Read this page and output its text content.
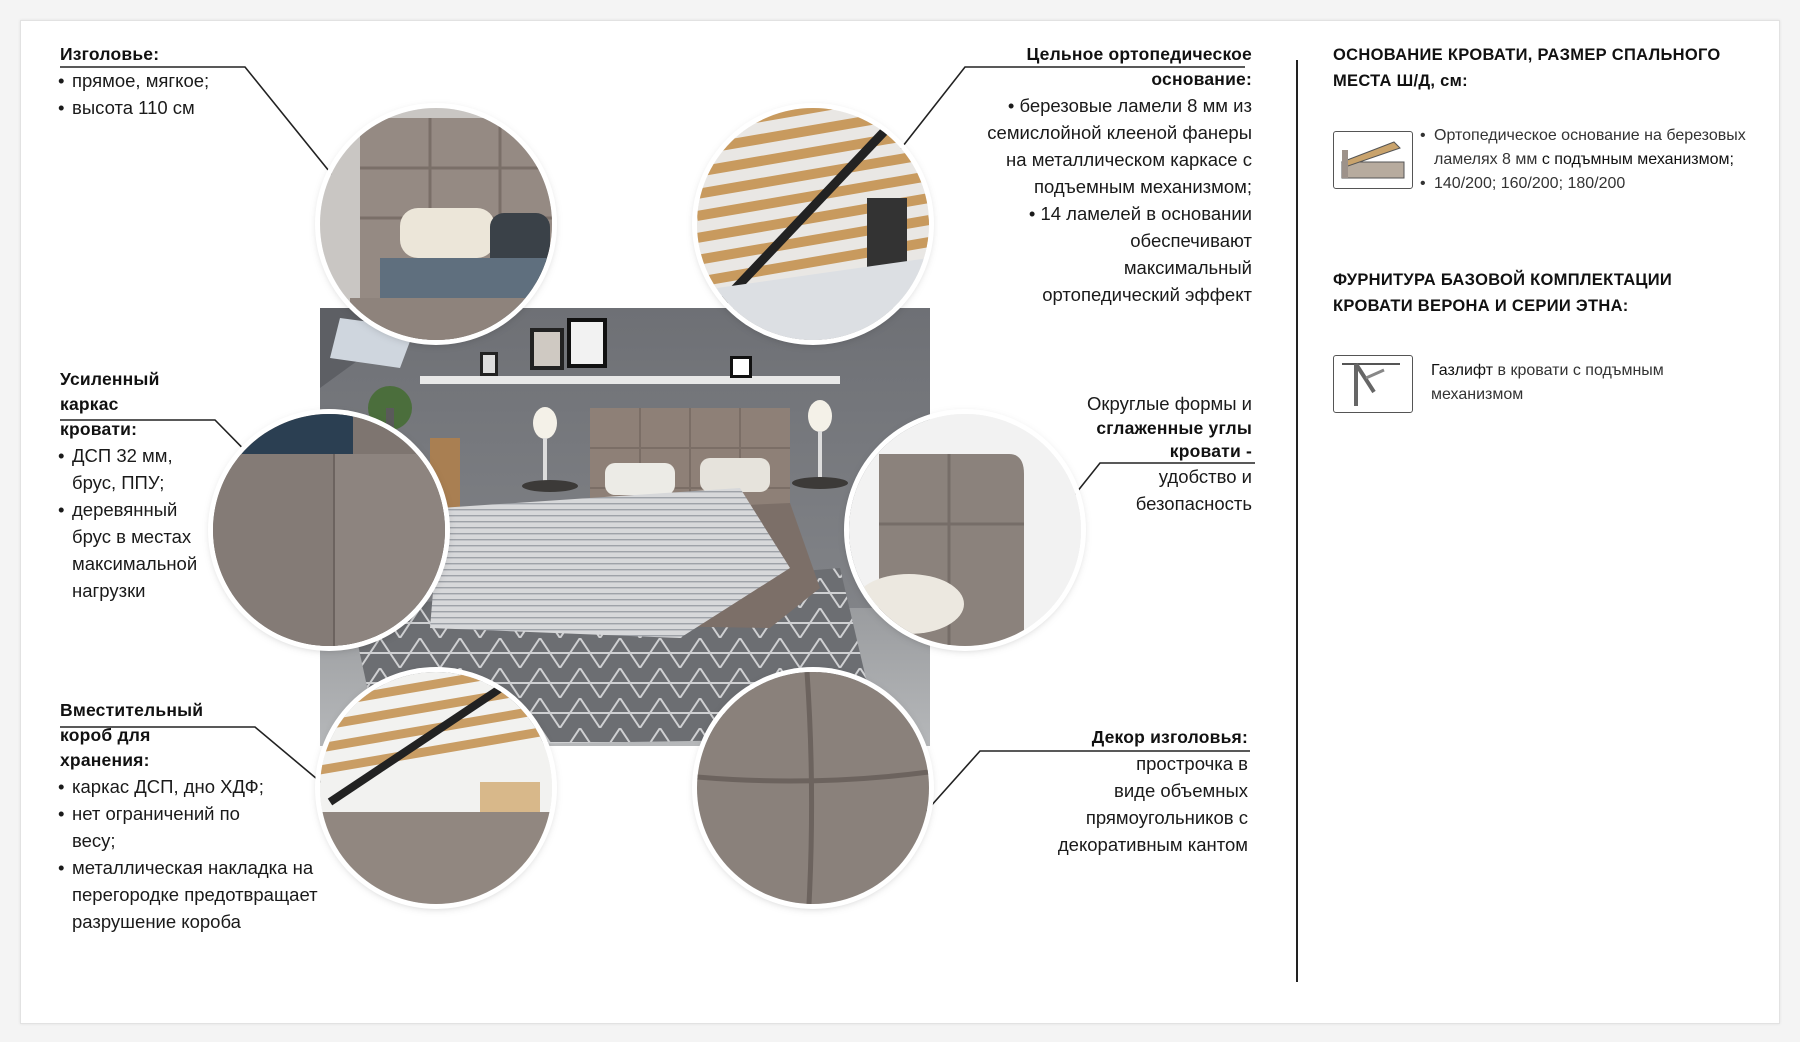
Изголовье:
• прямое, мягкое;
• высота 110 см
Усиленный
каркас
кровати:
• ДСП 32 мм,
брус, ППУ;
• деревянный
брус в местах
максимальной
нагрузки
Вместительный
короб для
хранения:
• каркас ДСП, дно ХДФ;
• нет ограничений по
весу;
• металлическая накладка на
перегородке предотвращает
разрушение короба
Цельное ортопедическое
основание:
• березовые ламели 8 мм из
семислойной клееной фанеры
на металлическом каркасе с
подъемным механизмом;
• 14 ламелей в основании
обеспечивают
максимальный
ортопедический эффект
Округлые формы и
сглаженные углы
кровати -
удобство и
безопасность
Декор изголовья:
прострочка в
виде объемных
прямоугольников с
декоративным кантом
ОСНОВАНИЕ КРОВАТИ, РАЗМЕР СПАЛЬНОГО
МЕСТА Ш/Д, см:
• Ортопедическое основание на березовых
ламелях 8 мм с подъмным механизмом;
• 140/200; 160/200; 180/200
ФУРНИТУРА БАЗОВОЙ КОМПЛЕКТАЦИИ
КРОВАТИ ВЕРОНА И СЕРИИ ЭТНА:
Газлифт в кровати с подъмным
механизмом
